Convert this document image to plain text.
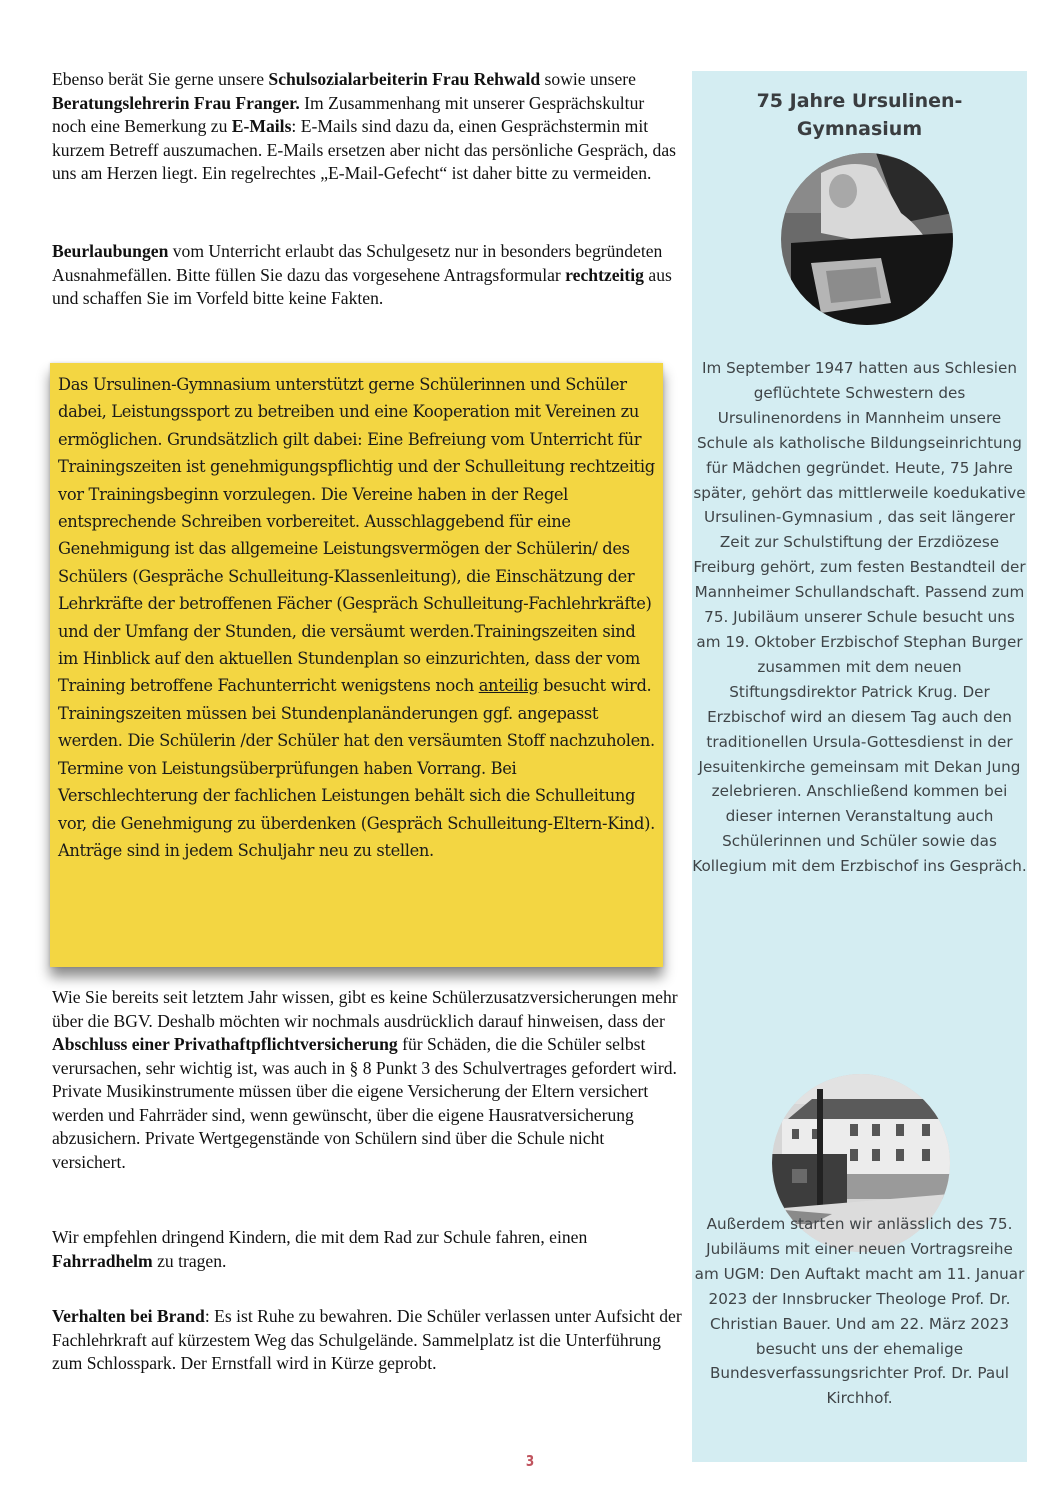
Ebenso berät Sie gerne unsere Schulsozialarbeiterin Frau Rehwald sowie unsere Beratungslehrerin Frau Franger. Im Zusammenhang mit unserer Gesprächskultur noch eine Bemerkung zu E-Mails: E-Mails sind dazu da, einen Gesprächstermin mit kurzem Betreff auszumachen. E-Mails ersetzen aber nicht das persönliche Gespräch, das uns am Herzen liegt. Ein regelrechtes „E-Mail-Gefecht“ ist daher bitte zu vermeiden.

Beurlaubungen vom Unterricht erlaubt das Schulgesetz nur in besonders begründeten Ausnahmefällen. Bitte füllen Sie dazu das vorgesehene Antragsformular rechtzeitig aus und schaffen Sie im Vorfeld bitte keine Fakten.

Das Ursulinen-Gymnasium unterstützt gerne Schülerinnen und Schüler dabei, Leistungssport zu betreiben und eine Kooperation mit Vereinen zu ermöglichen. Grundsätzlich gilt dabei: Eine Befreiung vom Unterricht für Trainingszeiten ist genehmigungspflichtig und der Schulleitung rechtzeitig vor Trainingsbeginn vorzulegen. Die Vereine haben in der Regel entsprechende Schreiben vorbereitet. Ausschlaggebend für eine Genehmigung ist das allgemeine Leistungsvermögen der Schülerin/ des Schülers (Gespräche Schulleitung-Klassenleitung), die Einschätzung der Lehrkräfte der betroffenen Fächer (Gespräch Schulleitung-Fachlehrkräfte) und der Umfang der Stunden, die versäumt werden.Trainingszeiten sind im Hinblick auf den aktuellen Stundenplan so einzurichten, dass der vom Training betroffene Fachunterricht wenigstens noch anteilig besucht wird. Trainingszeiten müssen bei Stundenplanänderungen ggf. angepasst werden. Die Schülerin /der Schüler hat den versäumten Stoff nachzuholen. Termine von Leistungsüberprüfungen haben Vorrang. Bei Verschlechterung der fachlichen Leistungen behält sich die Schulleitung vor, die Genehmigung zu überdenken (Gespräch Schulleitung-Eltern-Kind). Anträge sind in jedem Schuljahr neu zu stellen.

Wie Sie bereits seit letztem Jahr wissen, gibt es keine Schülerzusatzversicherungen mehr über die BGV. Deshalb möchten wir nochmals ausdrücklich darauf hinweisen, dass der Abschluss einer Privathaftpflichtversicherung für Schäden, die die Schüler selbst verursachen, sehr wichtig ist, was auch in § 8 Punkt 3 des Schulvertrages gefordert wird. Private Musikinstrumente müssen über die eigene Versicherung der Eltern versichert werden und Fahrräder sind, wenn gewünscht, über die eigene Hausratversicherung abzusichern. Private Wertgegenstände von Schülern sind über die Schule nicht versichert.

Wir empfehlen dringend Kindern, die mit dem Rad zur Schule fahren, einen Fahrradhelm zu tragen.

Verhalten bei Brand: Es ist Ruhe zu bewahren. Die Schüler verlassen unter Aufsicht der Fachlehrkraft auf kürzestem Weg das Schulgelände. Sammelplatz ist die Unterführung zum Schlosspark. Der Ernstfall wird in Kürze geprobt.

75 Jahre Ursulinen-
Gymnasium

Im September 1947 hatten aus Schlesien geflüchtete Schwestern des Ursulinenordens in Mannheim unsere Schule als katholische Bildungseinrichtung für Mädchen gegründet. Heute, 75 Jahre später, gehört das mittlerweile koedukative Ursulinen-Gymnasium , das seit längerer Zeit zur Schulstiftung der Erzdiözese Freiburg gehört, zum festen Bestandteil der Mannheimer Schullandschaft. Passend zum 75. Jubiläum unserer Schule besucht uns am 19. Oktober Erzbischof Stephan Burger zusammen mit dem neuen Stiftungsdirektor Patrick Krug. Der Erzbischof wird an diesem Tag auch den traditionellen Ursula-Gottesdienst in der Jesuitenkirche gemeinsam mit Dekan Jung zelebrieren. Anschließend kommen bei dieser internen Veranstaltung auch Schülerinnen und Schüler sowie das Kollegium mit dem Erzbischof ins Gespräch.

Außerdem starten wir anlässlich des 75. Jubiläums mit einer neuen Vortragsreihe am UGM: Den Auftakt macht am 11. Januar 2023 der Innsbrucker Theologe Prof. Dr. Christian Bauer. Und am 22. März 2023 besucht uns der ehemalige Bundesverfassungsrichter Prof. Dr. Paul Kirchhof.

3
